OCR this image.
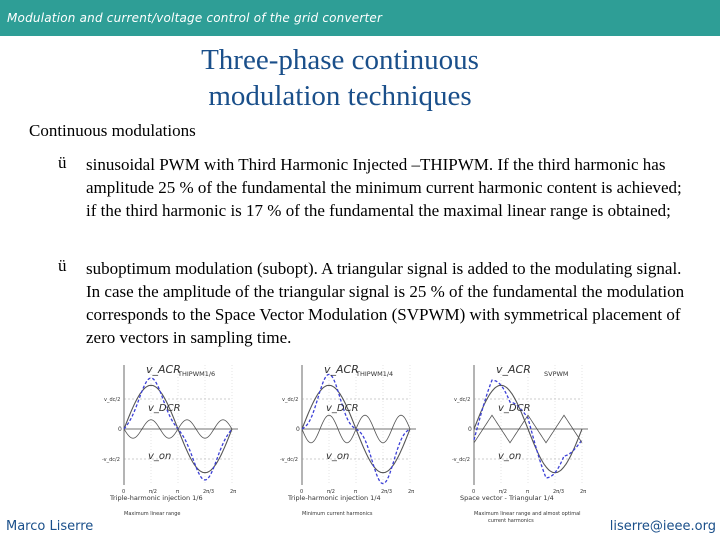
Modulation and current/voltage control of the grid converter
Three-phase continuous
modulation techniques
Continuous modulations
ü sinusoidal PWM with Third Harmonic Injected –THIPWM. If the third harmonic has amplitude 25 % of the fundamental the minimum current harmonic content is achieved; if the third harmonic is 17 % of the fundamental the maximal linear range is obtained;
ü suboptimum modulation (subopt). A triangular signal is added to the modulating signal. In case the amplitude of the triangular signal is 25 % of the fundamental the modulation corresponds to the Space Vector Modulation (SVPWM) with symmetrical placement of zero vectors in sampling time.
v_ACR
v_DCR
v_on
THIPWM1/6
v_dc/2
0
-v_dc/2
0	π/2	π	2π/3	2π
Triple-harmonic injection 1/6
Maximum linear range
v_ACR
v_DCR
v_on
THIPWM1/4
v_dc/2
0
-v_dc/2
0	π/2	π	2π/3	2π
Triple-harmonic injection 1/4
Minimum current harmonics
v_ACR
v_DCR
v_on
SVPWM
v_dc/2
0
-v_dc/2
0	π/2	π	2π/3	2π
Space vector - Triangular 1/4
Maximum linear range and almost optimal
current harmonics
Marco Liserre	liserre@ieee.org
